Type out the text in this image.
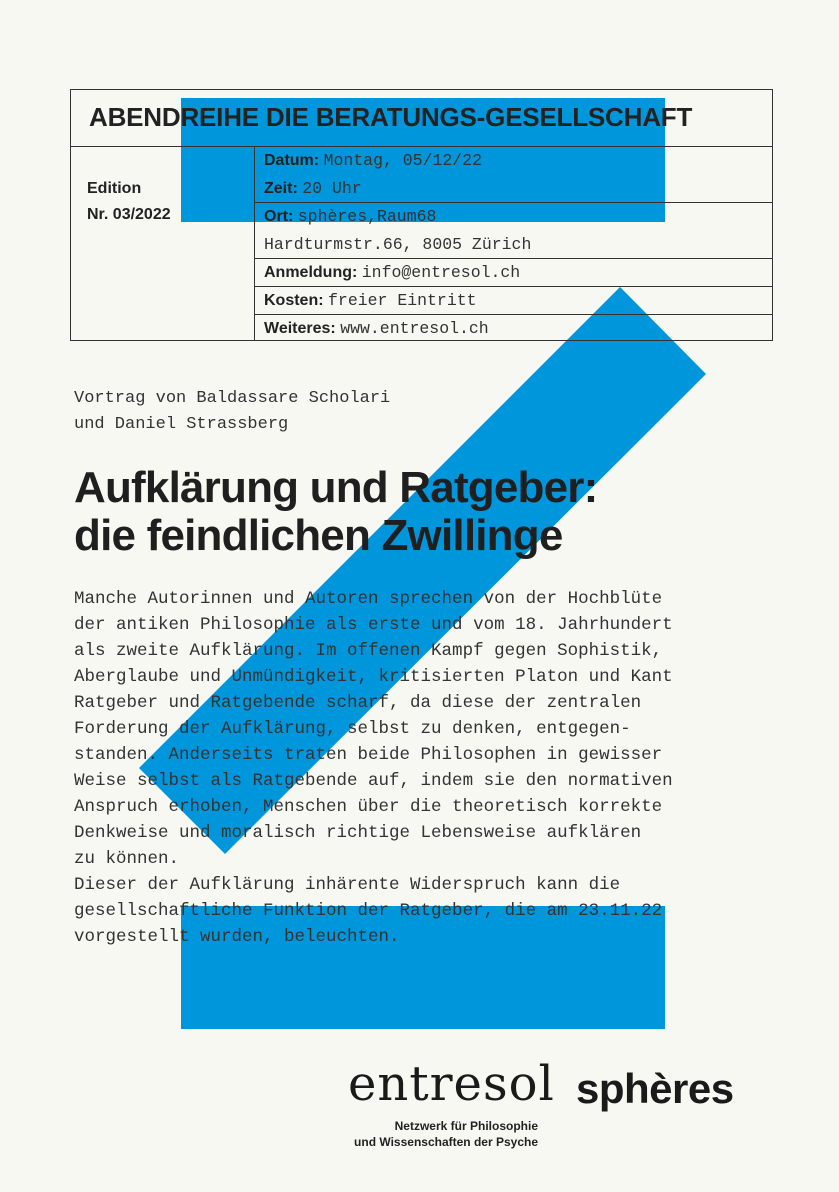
ABENDREIHE DIE BERATUNGS-GESELLSCHAFT
Edition
Nr. 03/2022
Datum: Montag, 05/12/22
Zeit: 20 Uhr
Ort: sphères,Raum68
Hardturmstr.66, 8005 Zürich
Anmeldung: info@entresol.ch
Kosten: freier Eintritt
Weiteres: www.entresol.ch
Vortrag von Baldassare Scholari
und Daniel Strassberg
Aufklärung und Ratgeber:
die feindlichen Zwillinge
Manche Autorinnen und Autoren sprechen von der Hochblüte
der antiken Philosophie als erste und vom 18. Jahrhundert
als zweite Aufklärung. Im offenen Kampf gegen Sophistik,
Aberglaube und Unmündigkeit, kritisierten Platon und Kant
Ratgeber und Ratgebende scharf, da diese der zentralen
Forderung der Aufklärung, selbst zu denken, entgegen-
standen. Anderseits traten beide Philosophen in gewisser
Weise selbst als Ratgebende auf, indem sie den normativen
Anspruch erhoben, Menschen über die theoretisch korrekte
Denkweise und moralisch richtige Lebensweise aufklären
zu können.
Dieser der Aufklärung inhärente Widerspruch kann die
gesellschaftliche Funktion der Ratgeber, die am 23.11.22
vorgestellt wurden, beleuchten.
entresol sphères
Netzwerk für Philosophie
und Wissenschaften der Psyche
